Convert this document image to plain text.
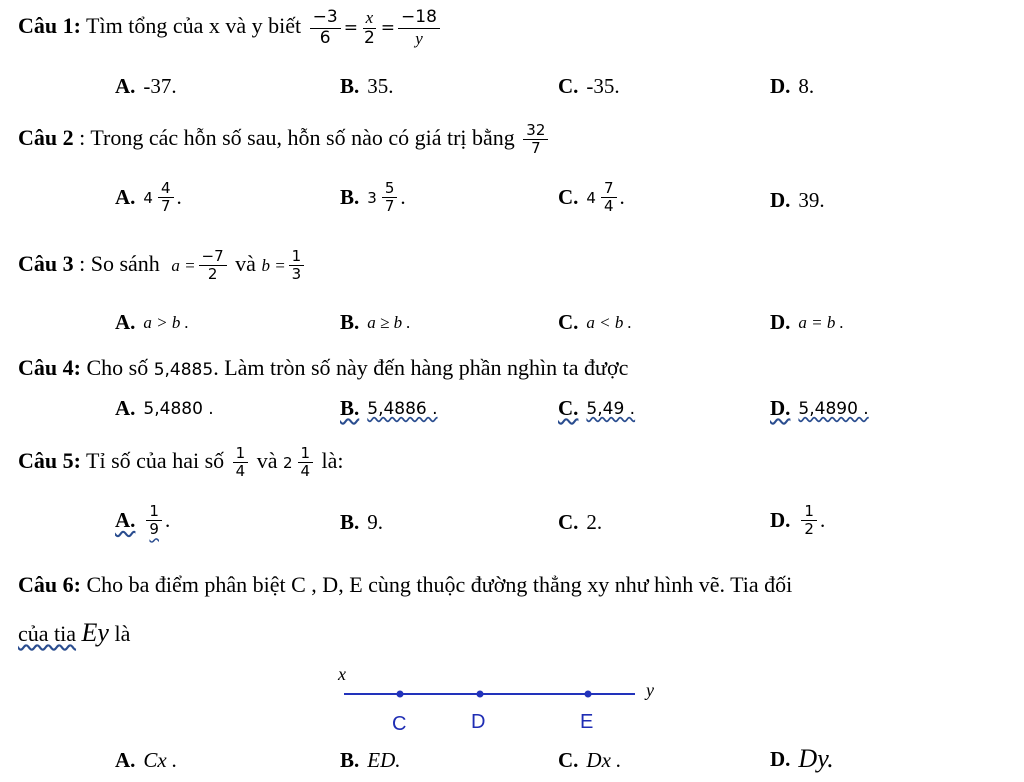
Câu 1: Tìm tổng của x và y biết $\frac{-3}{6} = \frac{x}{2} = \frac{-18}{y}$
A. -37.	B. 35.	C. -35.	D. 8.
Câu 2 : Trong các hỗn số sau, hỗn số nào có giá trị bằng $\frac{32}{7}$
A. $4 \frac{4}{7}$ .	B. $3 \frac{5}{7}$ .	C. $4 \frac{7}{4}$ .	D. 39.
Câu 3 : So sánh $a = \frac{-7}{2}$ và $b = \frac{1}{3}$
A. a > b .	B. a ≥ b .	C. a < b .	D. a = b .
Câu 4: Cho số 5,4885. Làm tròn số này đến hàng phần nghìn ta được
A. 5,4880 .	B. 5,4886 .	C. 5,49 .	D. 5,4890 .
Câu 5: Tỉ số của hai số $\frac{1}{4}$ và $2 \frac{1}{4}$ là:
A. $\frac{1}{9}$ .	B. 9.	C. 2.	D. $\frac{1}{2}$ .
Câu 6: Cho ba điểm phân biệt C , D, E cùng thuộc đường thẳng xy như hình vẽ. Tia đối
của tia Ey là
x
y
C	D	E
A. Cx .	B. ED.	C. Dx .	D. Dy.
